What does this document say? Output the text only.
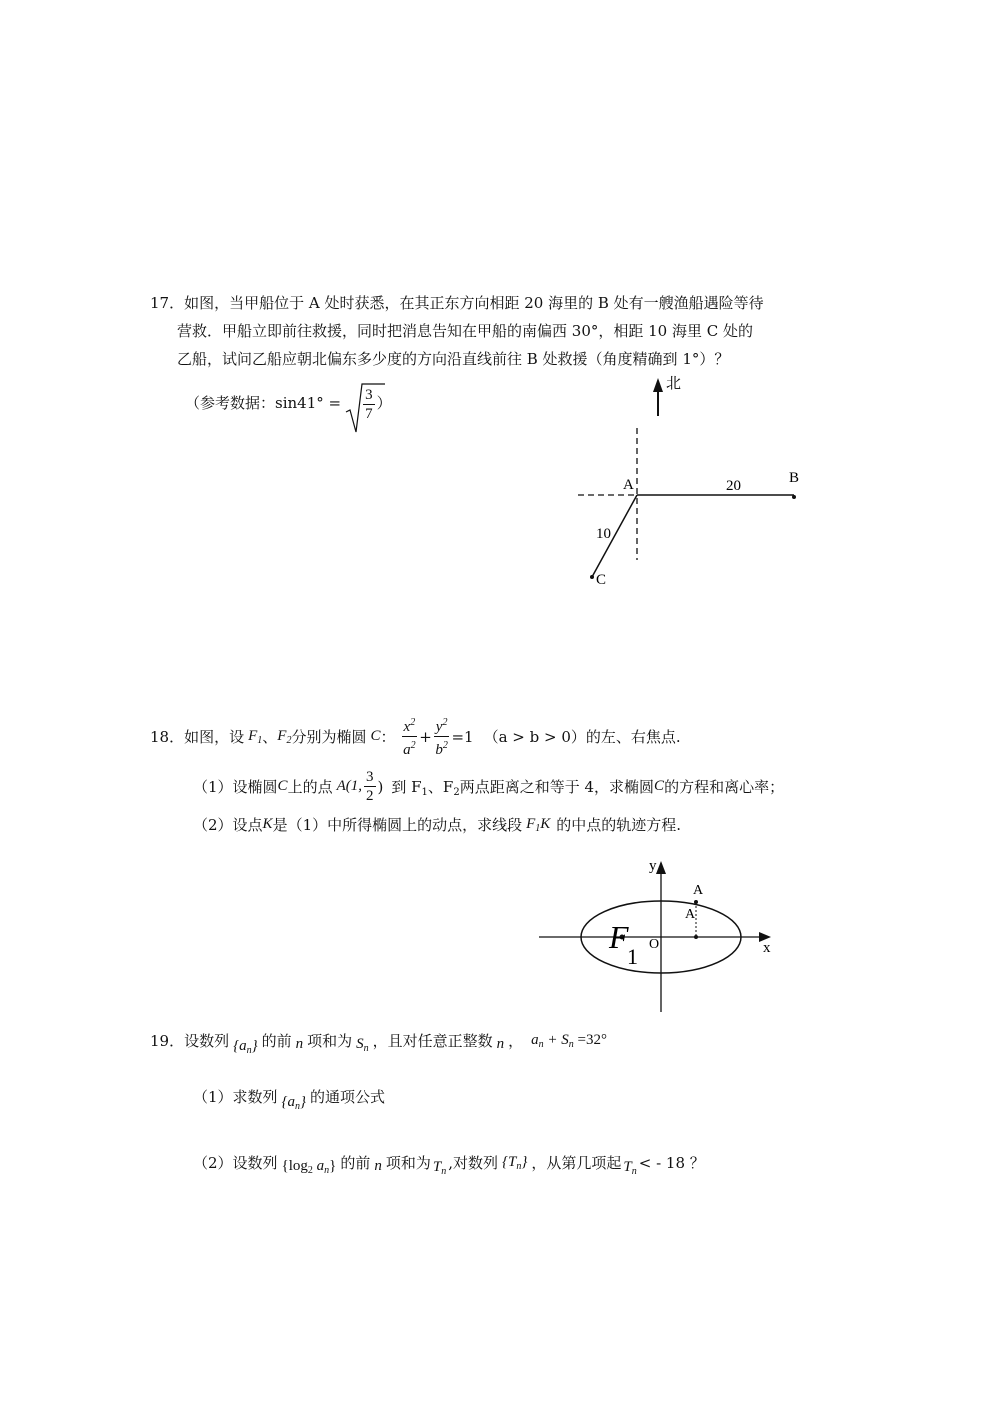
17．如图，当甲船位于 A 处时获悉，在其正东方向相距 20 海里的 B 处有一艘渔船遇险等待
营救．甲船立即前往救援，同时把消息告知在甲船的南偏西 30°，相距 10 海里 C 处的
乙船，试问乙船应朝北偏东多少度的方向沿直线前往 B 处救援（角度精确到 1°）？
（参考数据：$\sin 41^\circ = \frac{3}{7}$ ）
北
A	B
C
20
10
18． 如图，设 $F_1$ 、 $F_2$ 分别为椭圆 C ： $\frac{x^2}{a^2} + \frac{y^2}{b^2} =1$ （a > b > 0） 的左、右焦点.
（1）设椭圆 C 上的点 A(1, $\frac{3}{2}$ ) 到 $F_1$ 、$F_2$ 两点距离之和等于 4，求椭圆 C 的方程和离心率；
（2）设点 K 是（1）中所得椭圆上的动点，求线段 $F_1$ K 的中点的轨迹方程.
y
x
O
A
A
F
1
19． 设数列 $\{a_n\}$ 的前 n 项和为 $S_n$ ，且对任意正整数 n ， $a_n + S_n =32^\circ$
（1）求数列 $\{a_n\}$ 的通项公式
（2）设数列 {$\log_2$ $a_n$} 的前 n 项和为 $T_n$ ,对数列 $\{T_n\}$ ，从第几项起 $T_n$ < - 18 ？
